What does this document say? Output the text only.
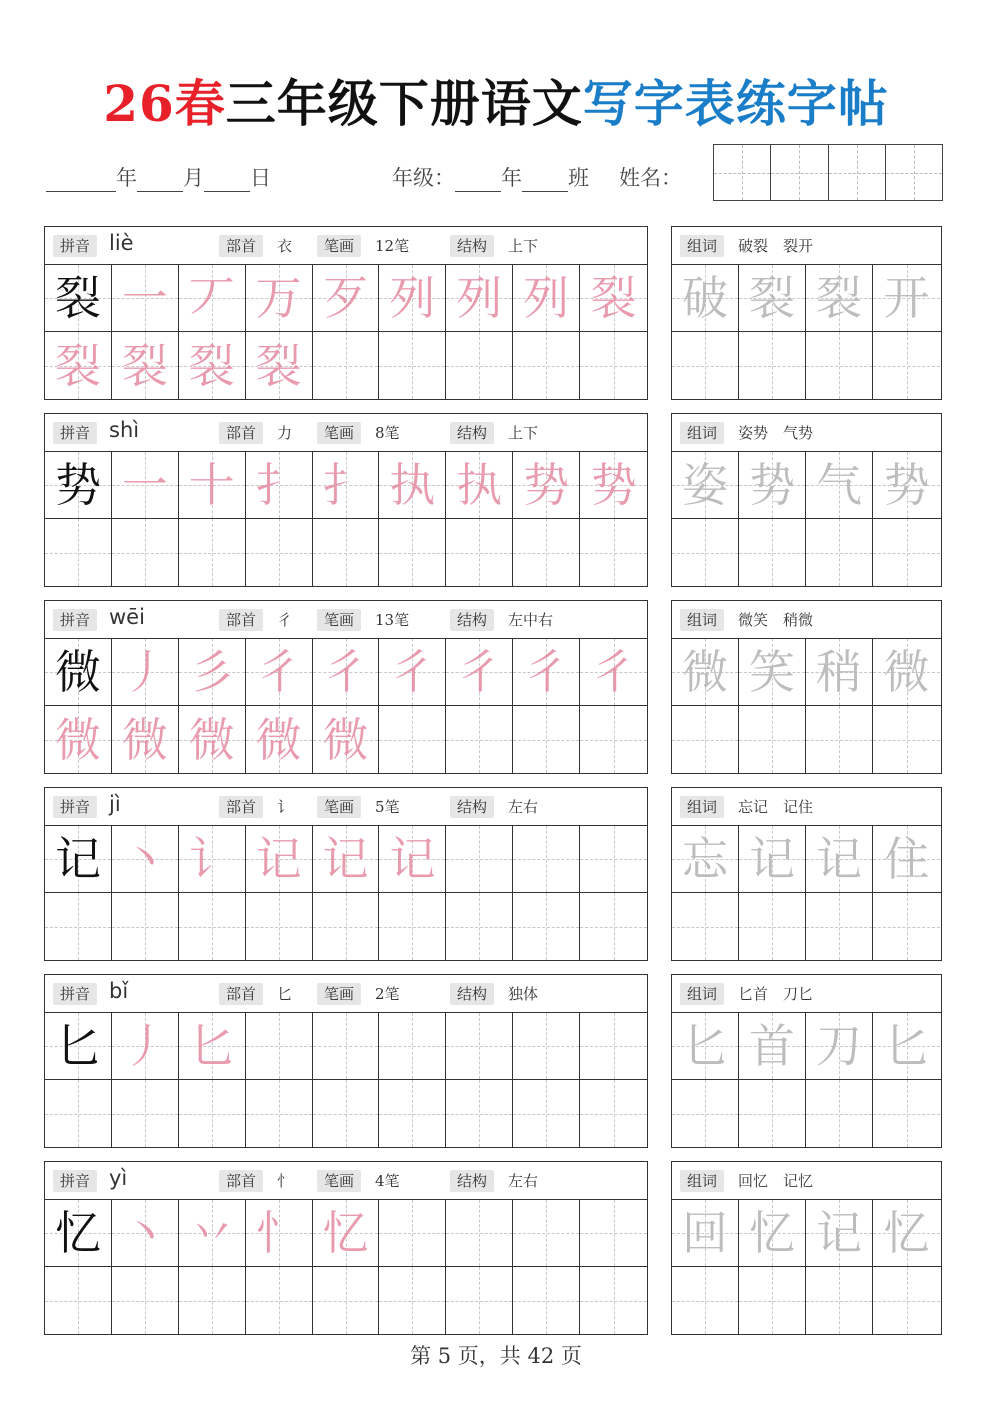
26春三年级下册语文写字表练字帖
年 月 日	年级： 年 班 姓名：
拼音 liè	部首	衣	笔画	12笔	结构	上下
裂 一 丆 万 歹 列 列 列 裂
裂 裂 裂 裂
组词	破裂　裂开
破 裂 裂 开
拼音 shì	部首	力	笔画	8笔	结构	上下
势 一 十 扌 扌 执 执 势 势
组词	姿势　气势
姿 势 气 势
拼音 wēi	部首	彳	笔画	13笔	结构	左中右
微 丿 彡 彳 彳 彳 彳 彳 彳
微 微 微 微 微
组词	微笑　稍微
微 笑 稍 微
拼音 jì	部首	讠	笔画	5笔	结构	左右
记 丶 讠 记 记 记
组词	忘记　记住
忘 记 记 住
拼音 bǐ	部首	匕	笔画	2笔	结构	独体
匕 丿 匕
组词	匕首　刀匕
匕 首 刀 匕
拼音 yì	部首	忄	笔画	4笔	结构	左右
忆 丶 丷 忄 忆
组词	回忆　记忆
回 忆 记 忆
第 5 页，共 42 页
